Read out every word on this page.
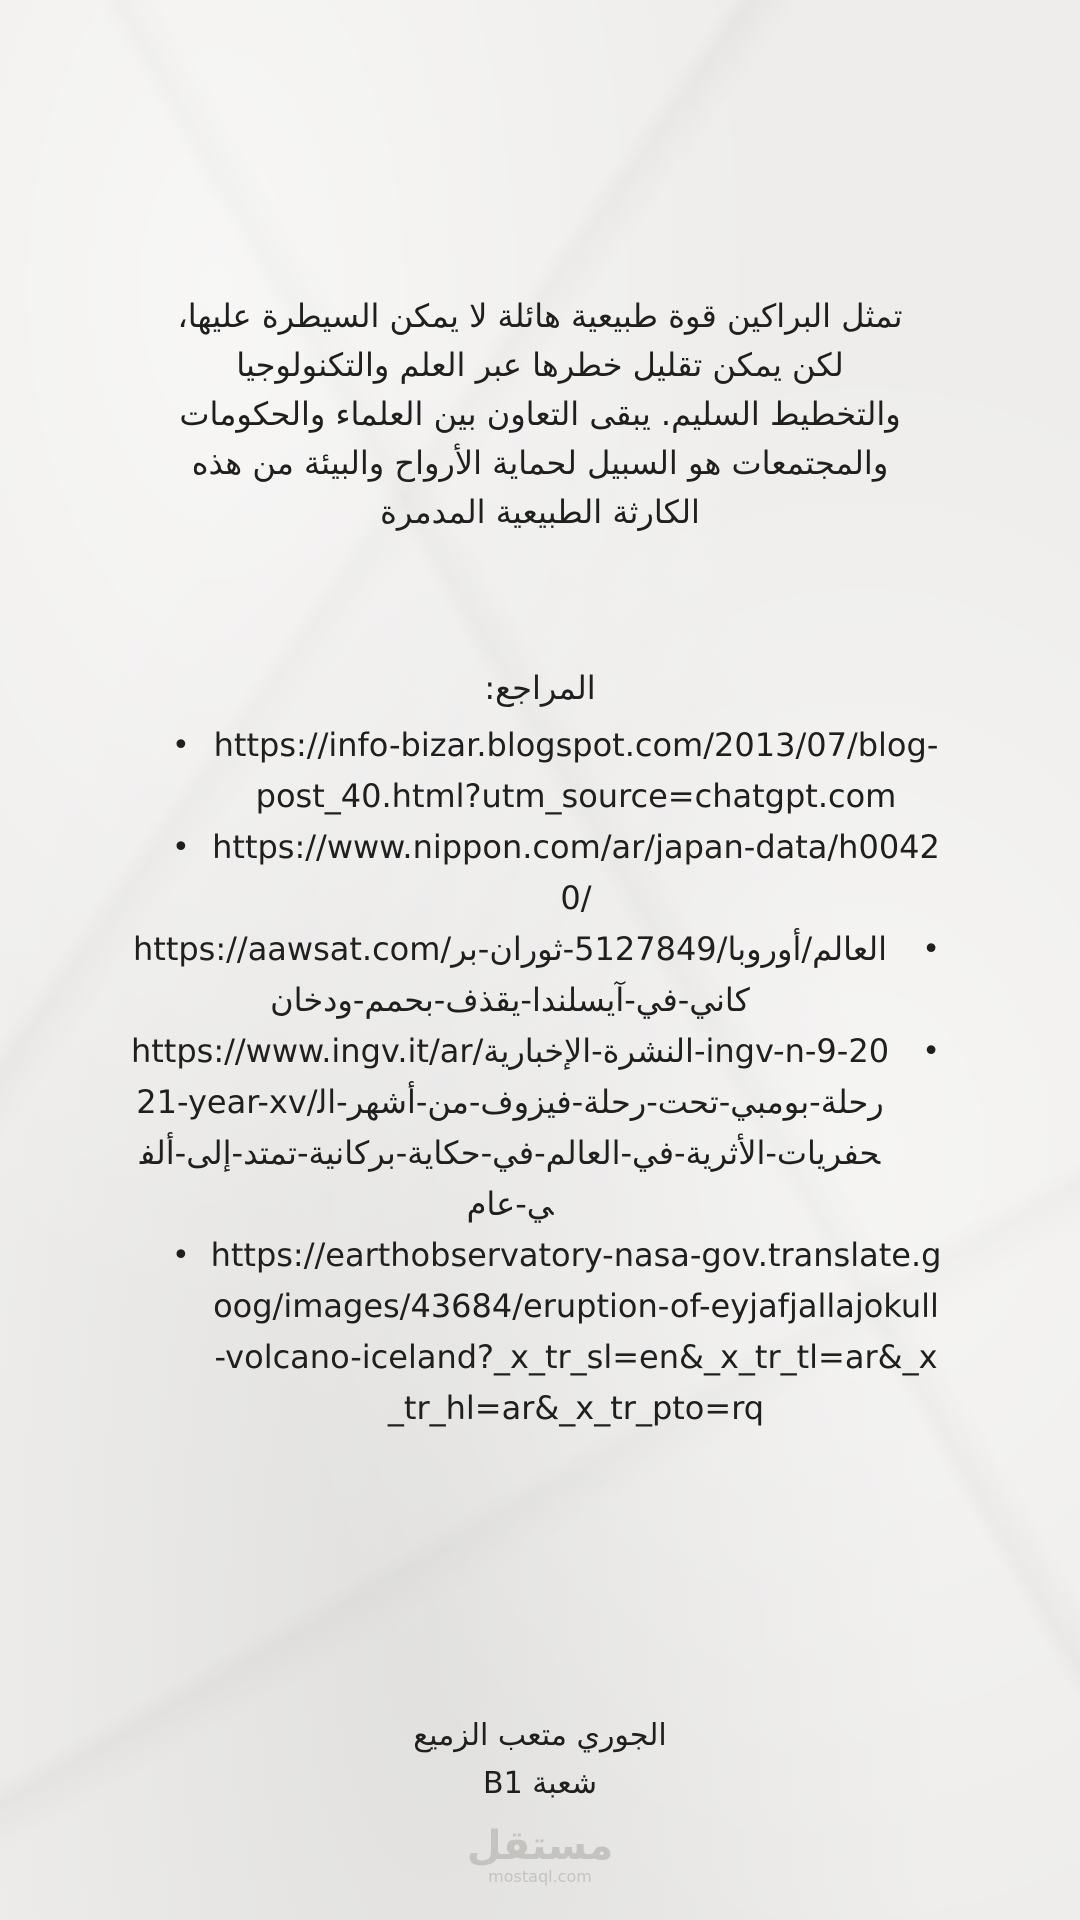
تمثل البراكين قوة طبيعية هائلة لا يمكن السيطرة عليها،
لكن يمكن تقليل خطرها عبر العلم والتكنولوجيا
والتخطيط السليم. يبقى التعاون بين العلماء والحكومات
والمجتمعات هو السبيل لحماية الأرواح والبيئة من هذه
الكارثة الطبيعية المدمرة
المراجع:
• https://info-bizar.blogspot.com/2013/07/blog-post_40.html?utm_source=chatgpt.com
• https://www.nippon.com/ar/japan-data/h00420/
•
https://aawsat.com/العالم/أوروبا/5127849-ثوران-بركاني-في-آيسلندا-يقذف-بحمم-ودخان
•
https://www.ingv.it/ar/النشرة-الإخبارية-ingv-n-9-2021-year-xv/رحلة-بومبي-تحت-رحلة-فيزوف-من-أشهر-الحفريات-الأثرية-في-العالم-في-حكاية-بركانية-تمتد-إلى-ألفي-عام
• https://earthobservatory-nasa-gov.translate.goog/images/43684/eruption-of-eyjafjallajokull-volcano-iceland?_x_tr_sl=en&_x_tr_tl=ar&_x_tr_hl=ar&_x_tr_pto=rq
الجوري متعب الزميع
شعبة B1
مستقل
mostaql.com
